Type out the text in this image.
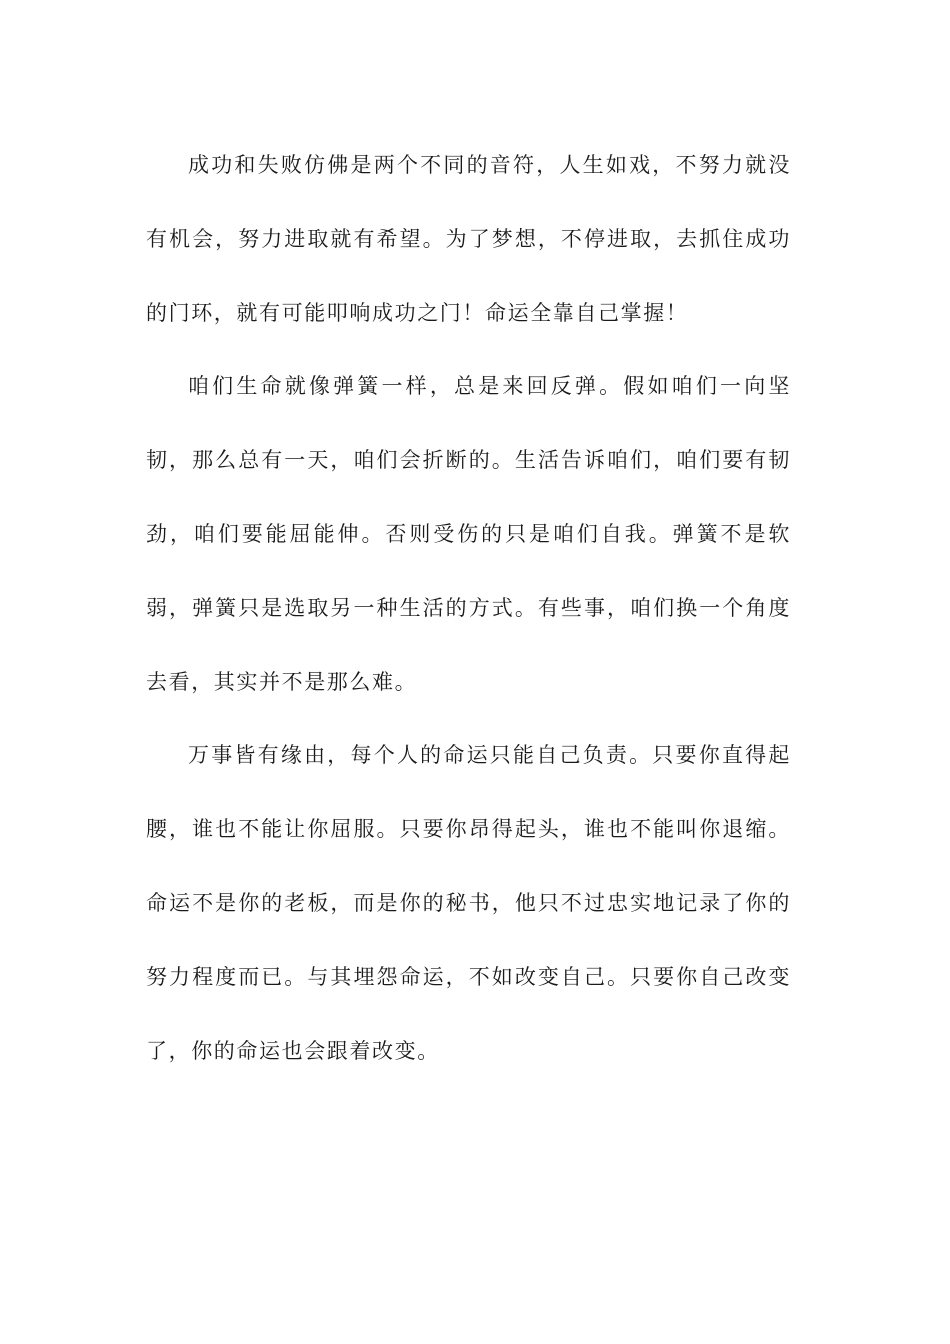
成功和失败仿佛是两个不同的音符，人生如戏，不努力就没有机会，努力进取就有希望。为了梦想，不停进取，去抓住成功的门环，就有可能叩响成功之门！命运全靠自己掌握！

咱们生命就像弹簧一样，总是来回反弹。假如咱们一向坚韧，那么总有一天，咱们会折断的。生活告诉咱们，咱们要有韧劲，咱们要能屈能伸。否则受伤的只是咱们自我。弹簧不是软弱，弹簧只是选取另一种生活的方式。有些事，咱们换一个角度去看，其实并不是那么难。

万事皆有缘由，每个人的命运只能自己负责。只要你直得起腰，谁也不能让你屈服。只要你昂得起头，谁也不能叫你退缩。命运不是你的老板，而是你的秘书，他只不过忠实地记录了你的努力程度而已。与其埋怨命运，不如改变自己。只要你自己改变了，你的命运也会跟着改变。
